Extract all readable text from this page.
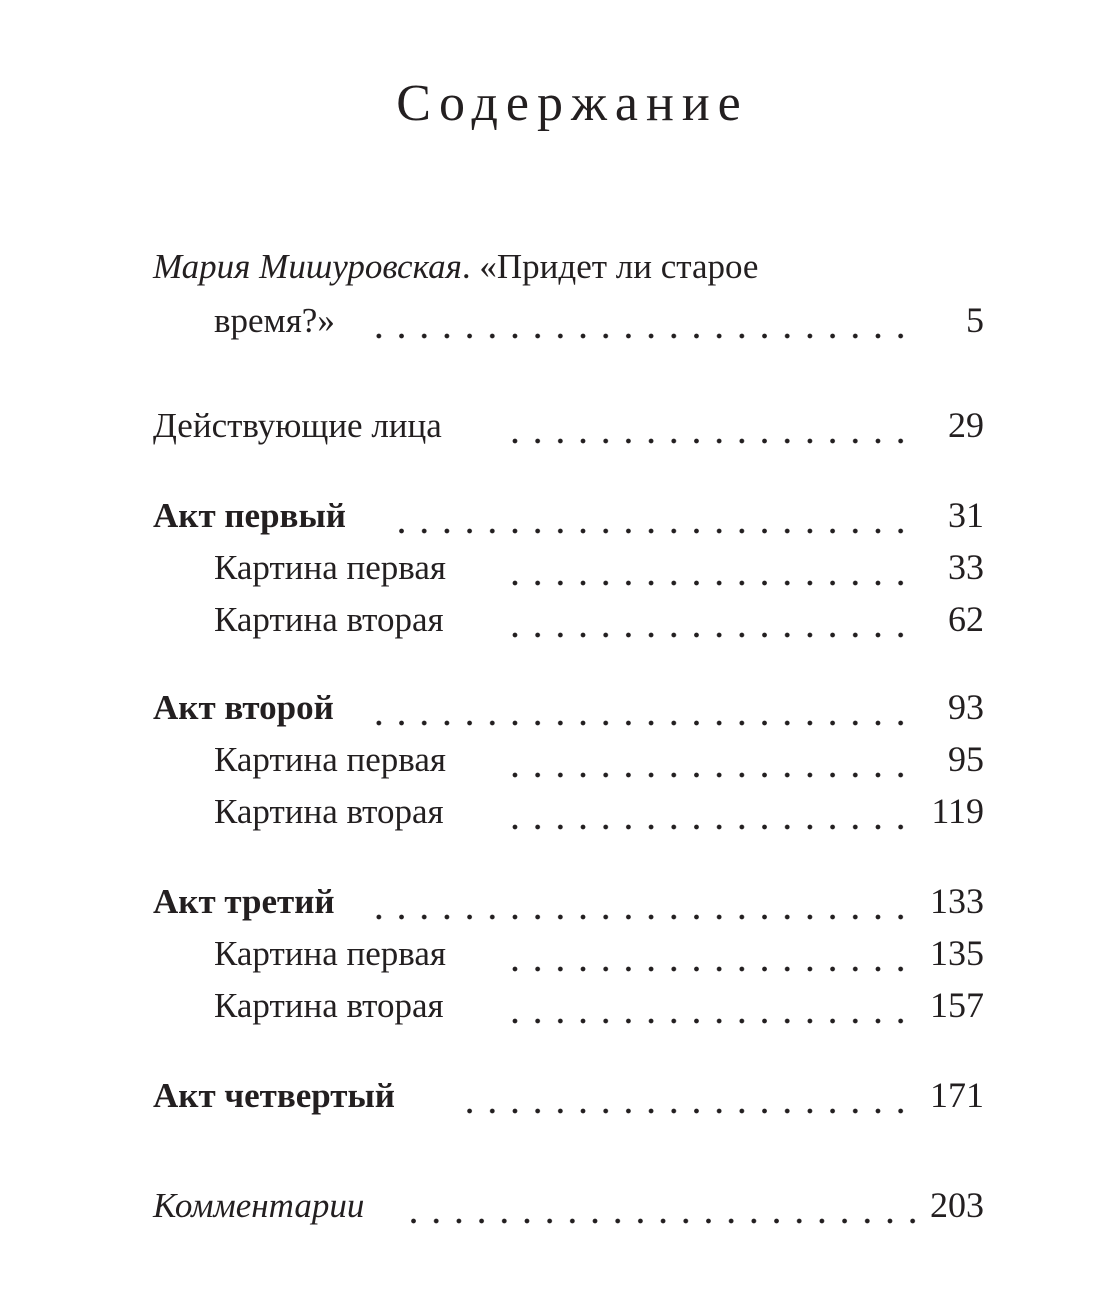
Содержание
Мария Мишуровская. «Придет ли старое
время?»	5
Действующие лица	29
Акт первый	31
Картина первая	33
Картина вторая	62
Акт второй	93
Картина первая	95
Картина вторая	119
Акт третий	133
Картина первая	135
Картина вторая	157
Акт четвертый	171
Комментарии	203
